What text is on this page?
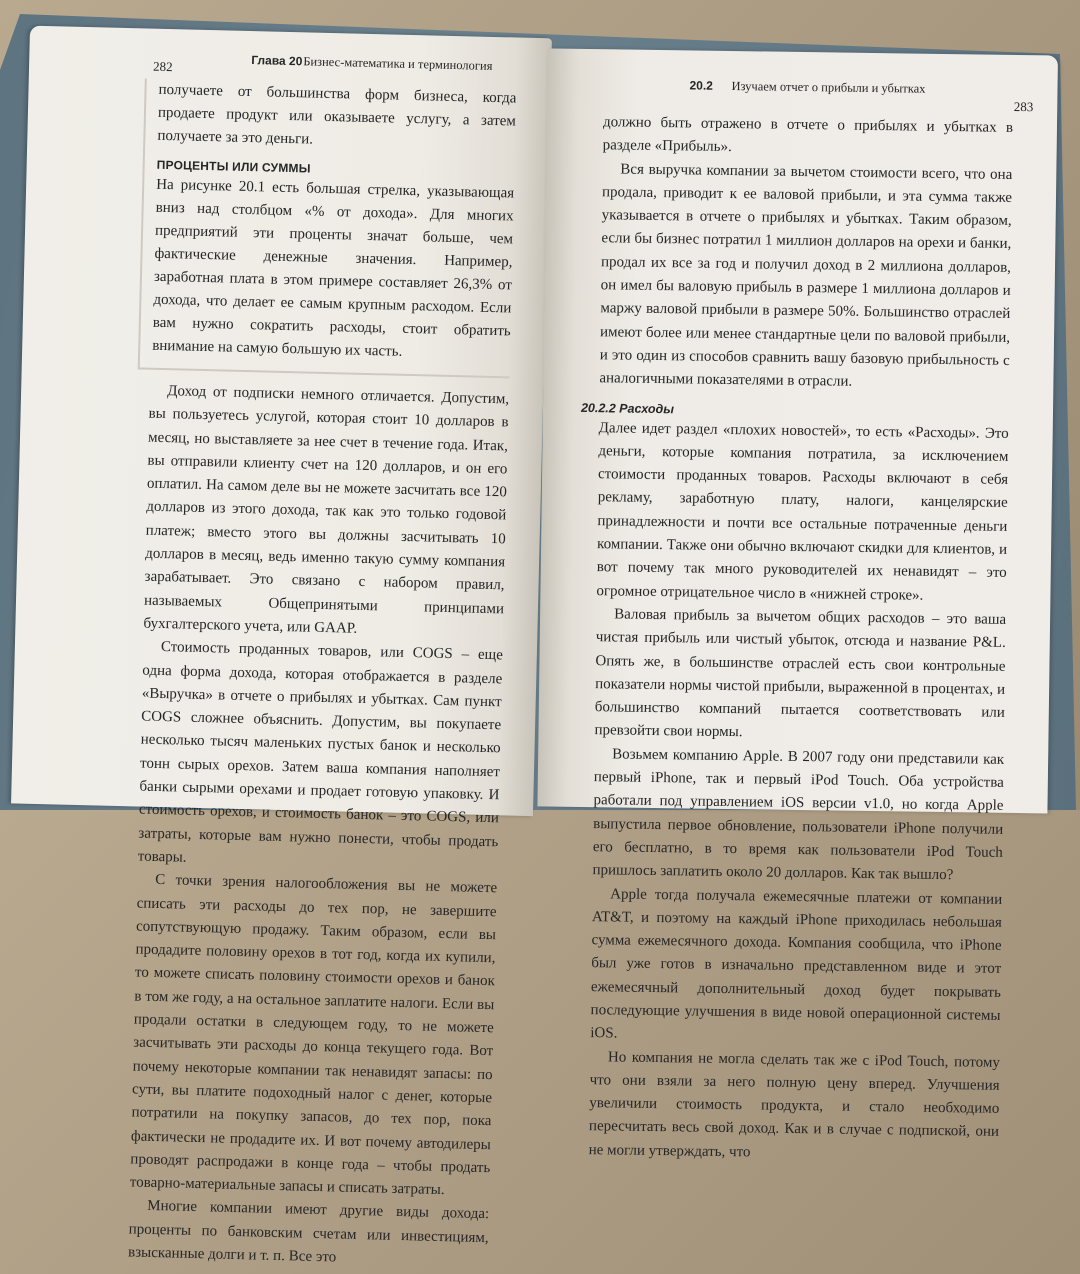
282	Глава 20 Бизнес-математика и терминология

получаете от большинства форм бизнеса, когда продаете продукт или оказываете услугу, а затем получаете за это деньги.

ПРОЦЕНТЫ ИЛИ СУММЫ

На рисунке 20.1 есть большая стрелка, указывающая вниз над столбцом «% от дохода». Для многих предприятий эти проценты значат больше, чем фактические денежные значения. Например, заработная плата в этом примере составляет 26,3% от дохода, что делает ее самым крупным расходом. Если вам нужно сократить расходы, стоит обратить внимание на самую большую их часть.

Доход от подписки немного отличается. Допустим, вы пользуетесь услугой, которая стоит 10 долларов в месяц, но выставляете за нее счет в течение года. Итак, вы отправили клиенту счет на 120 долларов, и он его оплатил. На самом деле вы не можете засчитать все 120 долларов из этого дохода, так как это только годовой платеж; вместо этого вы должны засчитывать 10 долларов в месяц, ведь именно такую сумму компания зарабатывает. Это связано с набором правил, называемых Общепринятыми принципами бухгалтерского учета, или GAAP.

Стоимость проданных товаров, или COGS – еще одна форма дохода, которая отображается в разделе «Выручка» в отчете о прибылях и убытках. Сам пункт COGS сложнее объяснить. Допустим, вы покупаете несколько тысяч маленьких пустых банок и несколько тонн сырых орехов. Затем ваша компания наполняет банки сырыми орехами и продает готовую упаковку. И стоимость орехов, и стоимость банок – это COGS, или затраты, которые вам нужно понести, чтобы продать товары.

С точки зрения налогообложения вы не можете списать эти расходы до тех пор, не завершите сопутствующую продажу. Таким образом, если вы продадите половину орехов в тот год, когда их купили, то можете списать половину стоимости орехов и банок в том же году, а на остальное заплатите налоги. Если вы продали остатки в следующем году, то не можете засчитывать эти расходы до конца текущего года. Вот почему некоторые компании так ненавидят запасы: по сути, вы платите подоходный налог с денег, которые потратили на покупку запасов, до тех пор, пока фактически не продадите их. И вот почему автодилеры проводят распродажи в конце года – чтобы продать товарно-материальные запасы и списать затраты.

Многие компании имеют другие виды дохода: проценты по банковским счетам или инвестициям, взысканные долги и т. п. Все это

20.2 Изучаем отчет о прибыли и убытках
283

должно быть отражено в отчете о прибылях и убытках в разделе «Прибыль».

Вся выручка компании за вычетом стоимости всего, что она продала, приводит к ее валовой прибыли, и эта сумма также указывается в отчете о прибылях и убытках. Таким образом, если бы бизнес потратил 1 миллион долларов на орехи и банки, продал их все за год и получил доход в 2 миллиона долларов, он имел бы валовую прибыль в размере 1 миллиона долларов и маржу валовой прибыли в размере 50%. Большинство отраслей имеют более или менее стандартные цели по валовой прибыли, и это один из способов сравнить вашу базовую прибыльность с аналогичными показателями в отрасли.

20.2.2 Расходы

Далее идет раздел «плохих новостей», то есть «Расходы». Это деньги, которые компания потратила, за исключением стоимости проданных товаров. Расходы включают в себя рекламу, заработную плату, налоги, канцелярские принадлежности и почти все остальные потраченные деньги компании. Также они обычно включают скидки для клиентов, и вот почему так много руководителей их ненавидят – это огромное отрицательное число в «нижней строке».

Валовая прибыль за вычетом общих расходов – это ваша чистая прибыль или чистый убыток, отсюда и название P&L. Опять же, в большинстве отраслей есть свои контрольные показатели нормы чистой прибыли, выраженной в процентах, и большинство компаний пытается соответствовать или превзойти свои нормы.

Возьмем компанию Apple. В 2007 году они представили как первый iPhone, так и первый iPod Touch. Оба устройства работали под управлением iOS версии v1.0, но когда Apple выпустила первое обновление, пользователи iPhone получили его бесплатно, в то время как пользователи iPod Touch пришлось заплатить около 20 долларов. Как так вышло?

Apple тогда получала ежемесячные платежи от компании AT&T, и поэтому на каждый iPhone приходилась небольшая сумма ежемесячного дохода. Компания сообщила, что iPhone был уже готов в изначально представленном виде и этот ежемесячный дополнительный доход будет покрывать последующие улучшения в виде новой операционной системы iOS.

Но компания не могла сделать так же с iPod Touch, потому что они взяли за него полную цену вперед. Улучшения увеличили стоимость продукта, и стало необходимо пересчитать весь свой доход. Как и в случае с подпиской, они не могли утверждать, что
